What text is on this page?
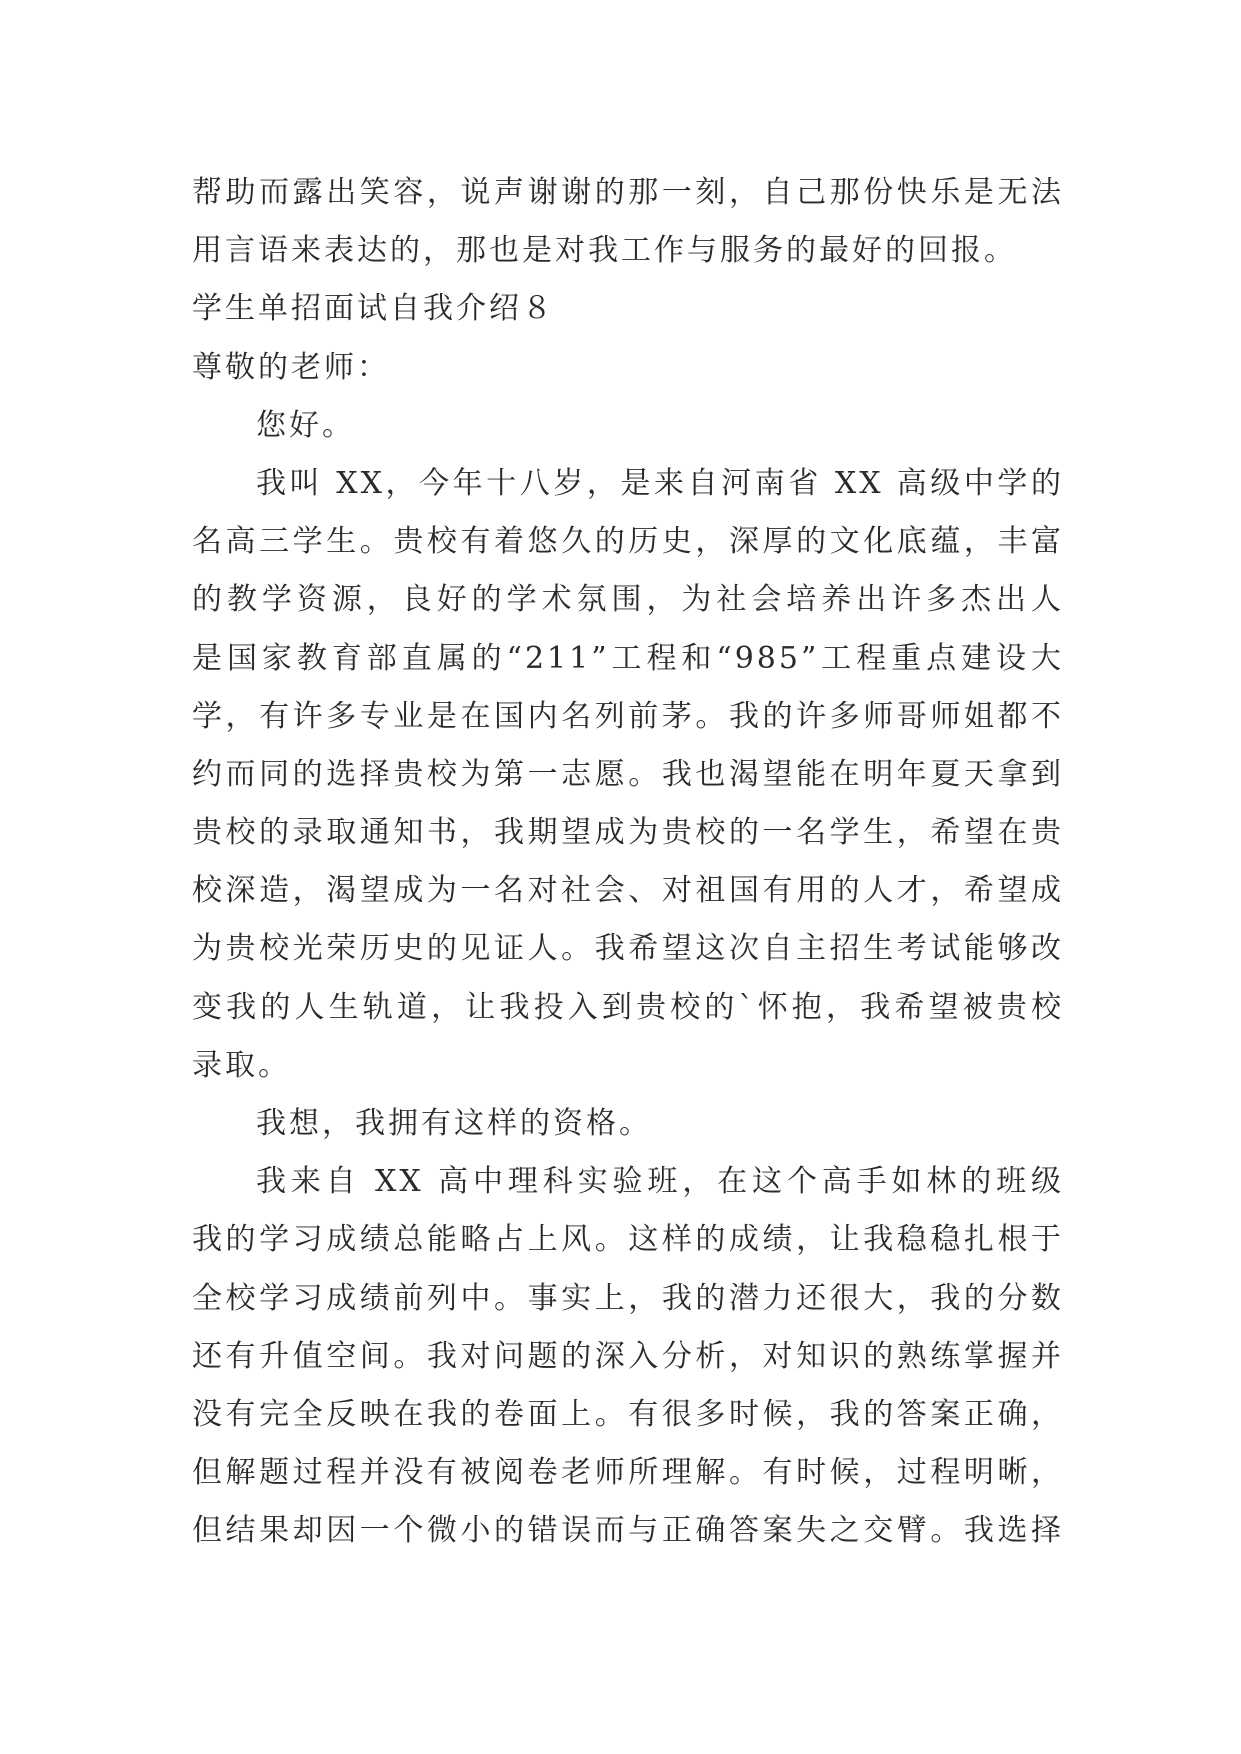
帮助而露出笑容，说声谢谢的那一刻，自己那份快乐是无法
用言语来表达的，那也是对我工作与服务的最好的回报。
学生单招面试自我介绍８
尊敬的老师：
您好。
我叫 XX，今年十八岁，是来自河南省 XX 高级中学的
名高三学生。贵校有着悠久的历史，深厚的文化底蕴，丰富
的教学资源，良好的学术氛围，为社会培养出许多杰出人
是国家教育部直属的“211”工程和“985”工程重点建设大
学，有许多专业是在国内名列前茅。我的许多师哥师姐都不
约而同的选择贵校为第一志愿。我也渴望能在明年夏天拿到
贵校的录取通知书，我期望成为贵校的一名学生，希望在贵
校深造，渴望成为一名对社会、对祖国有用的人才，希望成
为贵校光荣历史的见证人。我希望这次自主招生考试能够改
变我的人生轨道，让我投入到贵校的`怀抱，我希望被贵校
录取。
我想，我拥有这样的资格。
我来自 XX 高中理科实验班，在这个高手如林的班级
我的学习成绩总能略占上风。这样的成绩，让我稳稳扎根于
全校学习成绩前列中。事实上，我的潜力还很大，我的分数
还有升值空间。我对问题的深入分析，对知识的熟练掌握并
没有完全反映在我的卷面上。有很多时候，我的答案正确，
但解题过程并没有被阅卷老师所理解。有时候，过程明晰，
但结果却因一个微小的错误而与正确答案失之交臂。我选择
